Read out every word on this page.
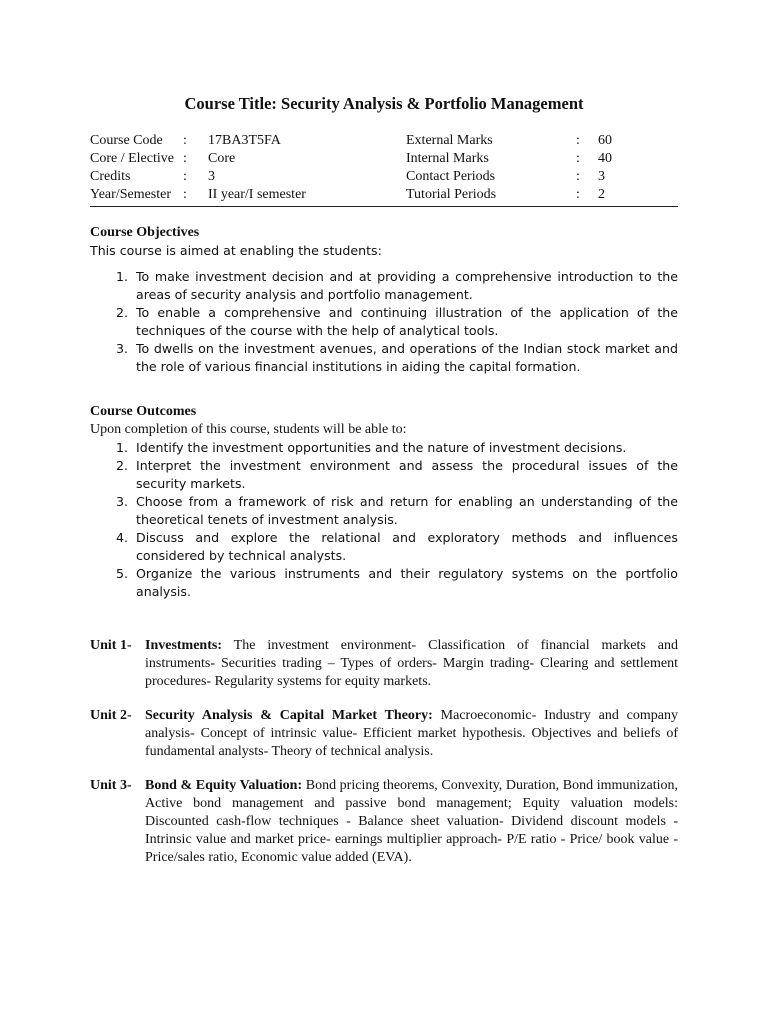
Course Title: Security Analysis & Portfolio Management
Course Code	:	17BA3T5FA	External Marks	:	60
Core / Elective :	Core	Internal Marks	:	40
Credits	:	3	Contact Periods	:	3
Year/Semester :	II year/I semester	Tutorial Periods	:	2
Course Objectives
This course is aimed at enabling the students:
1. To make investment decision and at providing a comprehensive introduction to the areas of security analysis and portfolio management.
2. To enable a comprehensive and continuing illustration of the application of the techniques of the course with the help of analytical tools.
3. To dwells on the investment avenues, and operations of the Indian stock market and the role of various financial institutions in aiding the capital formation.
Course Outcomes
Upon completion of this course, students will be able to:
1. Identify the investment opportunities and the nature of investment decisions.
2. Interpret the investment environment and assess the procedural issues of the security markets.
3. Choose from a framework of risk and return for enabling an understanding of the theoretical tenets of investment analysis.
4. Discuss and explore the relational and exploratory methods and influences considered by technical analysts.
5. Organize the various instruments and their regulatory systems on the portfolio analysis.
Unit 1- Investments: The investment environment- Classification of financial markets and instruments- Securities trading – Types of orders- Margin trading- Clearing and settlement procedures- Regularity systems for equity markets.
Unit 2- Security Analysis & Capital Market Theory: Macroeconomic- Industry and company analysis- Concept of intrinsic value- Efficient market hypothesis. Objectives and beliefs of fundamental analysts- Theory of technical analysis.
Unit 3- Bond & Equity Valuation: Bond pricing theorems, Convexity, Duration, Bond immunization, Active bond management and passive bond management; Equity valuation models: Discounted cash-flow techniques - Balance sheet valuation- Dividend discount models - Intrinsic value and market price- earnings multiplier approach- P/E ratio - Price/ book value - Price/sales ratio, Economic value added (EVA).
